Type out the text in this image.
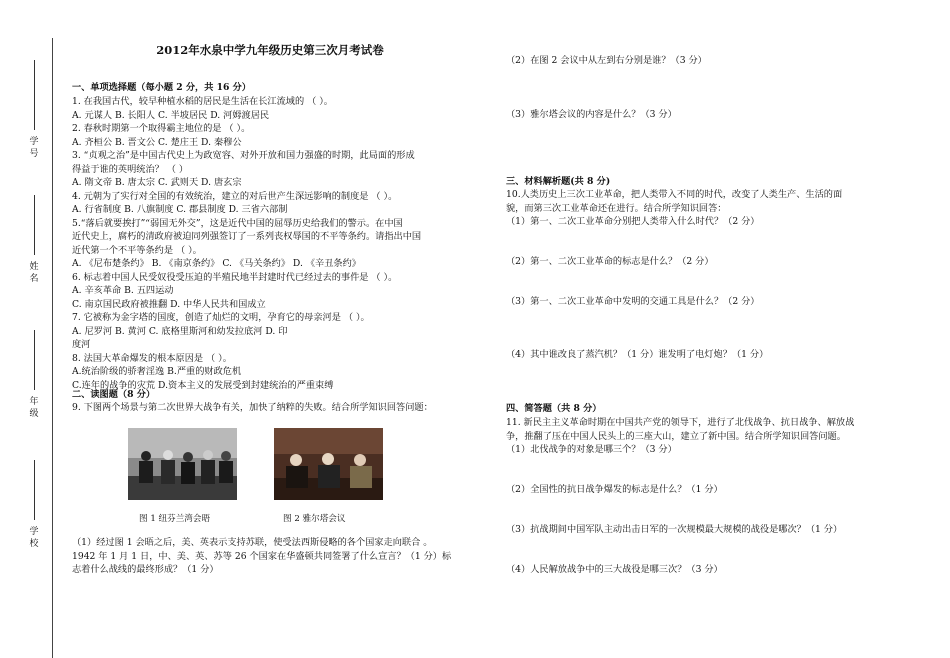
学 号
姓 名
年 级
学 校
2012年水泉中学九年级历史第三次月考试卷
一、单项选择题（每小题 2 分，共 16 分）
1. 在我国古代，较早种植水稻的居民是生活在长江流域的 （ ）。
A. 元谋人 B. 长阳人 C. 半坡居民 D. 河姆渡居民
2. 春秋时期第一个取得霸主地位的是 （ ）。
A. 齐桓公 B. 晋文公 C. 楚庄王 D. 秦穆公
3. “贞观之治”是中国古代史上为政宽容、对外开放和国力强盛的时期，此局面的形成
得益于谁的英明统治？ （ ）
A. 隋文帝 B. 唐太宗 C. 武则天 D. 唐玄宗
4. 元朝为了实行对全国的有效统治，建立的对后世产生深远影响的制度是 （ ）。
A. 行省制度 B. 八旗制度 C. 郡县制度 D. 三省六部制
5.“落后就要挨打”“弱国无外交”，这是近代中国的屈辱历史给我们的警示。在中国
近代史上，腐朽的清政府被迫同列强签订了一系列丧权辱国的不平等条约。请指出中国
近代第一个不平等条约是 （ ）。
A. 《尼布楚条约》 B. 《南京条约》 C. 《马关条约》 D. 《辛丑条约》
6. 标志着中国人民受奴役受压迫的半殖民地半封建时代已经过去的事件是 （ ）。
A. 辛亥革命 B. 五四运动
C. 南京国民政府被推翻 D. 中华人民共和国成立
7. 它被称为金字塔的国度，创造了灿烂的文明，孕育它的母亲河是 （ ）。
A. 尼罗河 B. 黄河 C. 底格里斯河和幼发拉底河 D. 印
度河
8. 法国大革命爆发的根本原因是 （ ）。
A.统治阶级的骄奢淫逸 B.严重的财政危机
C.连年的战争的灾荒 D.资本主义的发展受到封建统治的严重束缚
二、读图题（8 分）
9. 下图两个场景与第二次世界大战争有关，加快了纳粹的失败。结合所学知识回答问题：
图 1 纽芬兰湾会晤	图 2 雅尔塔会议
（1）经过图 1 会晤之后，美、英表示支持苏联，使受法西斯侵略的各个国家走向联合 。
1942 年 1 月 1 日，中、美、英、苏等 26 个国家在华盛顿共同签署了什么宣言？（1 分）标
志着什么战线的最终形成？（1 分）
（2）在图 2 会议中从左到右分别是谁？（3 分）
（3）雅尔塔会议的内容是什么？（3 分）
三、材料解析题(共 8 分)
10.人类历史上三次工业革命，把人类带入不同的时代，改变了人类生产、生活的面
貌，而第三次工业革命还在进行。结合所学知识回答：
（1）第一、二次工业革命分别把人类带入什么时代？（2 分）
（2）第一、二次工业革命的标志是什么？（2 分）
（3）第一、二次工业革命中发明的交通工具是什么？（2 分）
（4）其中谁改良了蒸汽机？（1 分）谁发明了电灯炮？（1 分）
四、简答题（共 8 分）
11. 新民主主义革命时期在中国共产党的领导下，进行了北伐战争、抗日战争、解放战
争，推翻了压在中国人民头上的三座大山，建立了新中国。结合所学知识回答问题。
（1）北伐战争的对象是哪三个？（3 分）
（2）全国性的抗日战争爆发的标志是什么？（1 分）
（3）抗战期间中国军队主动出击日军的一次规模最大规模的战役是哪次？（1 分）
（4）人民解放战争中的三大战役是哪三次？（3 分）
